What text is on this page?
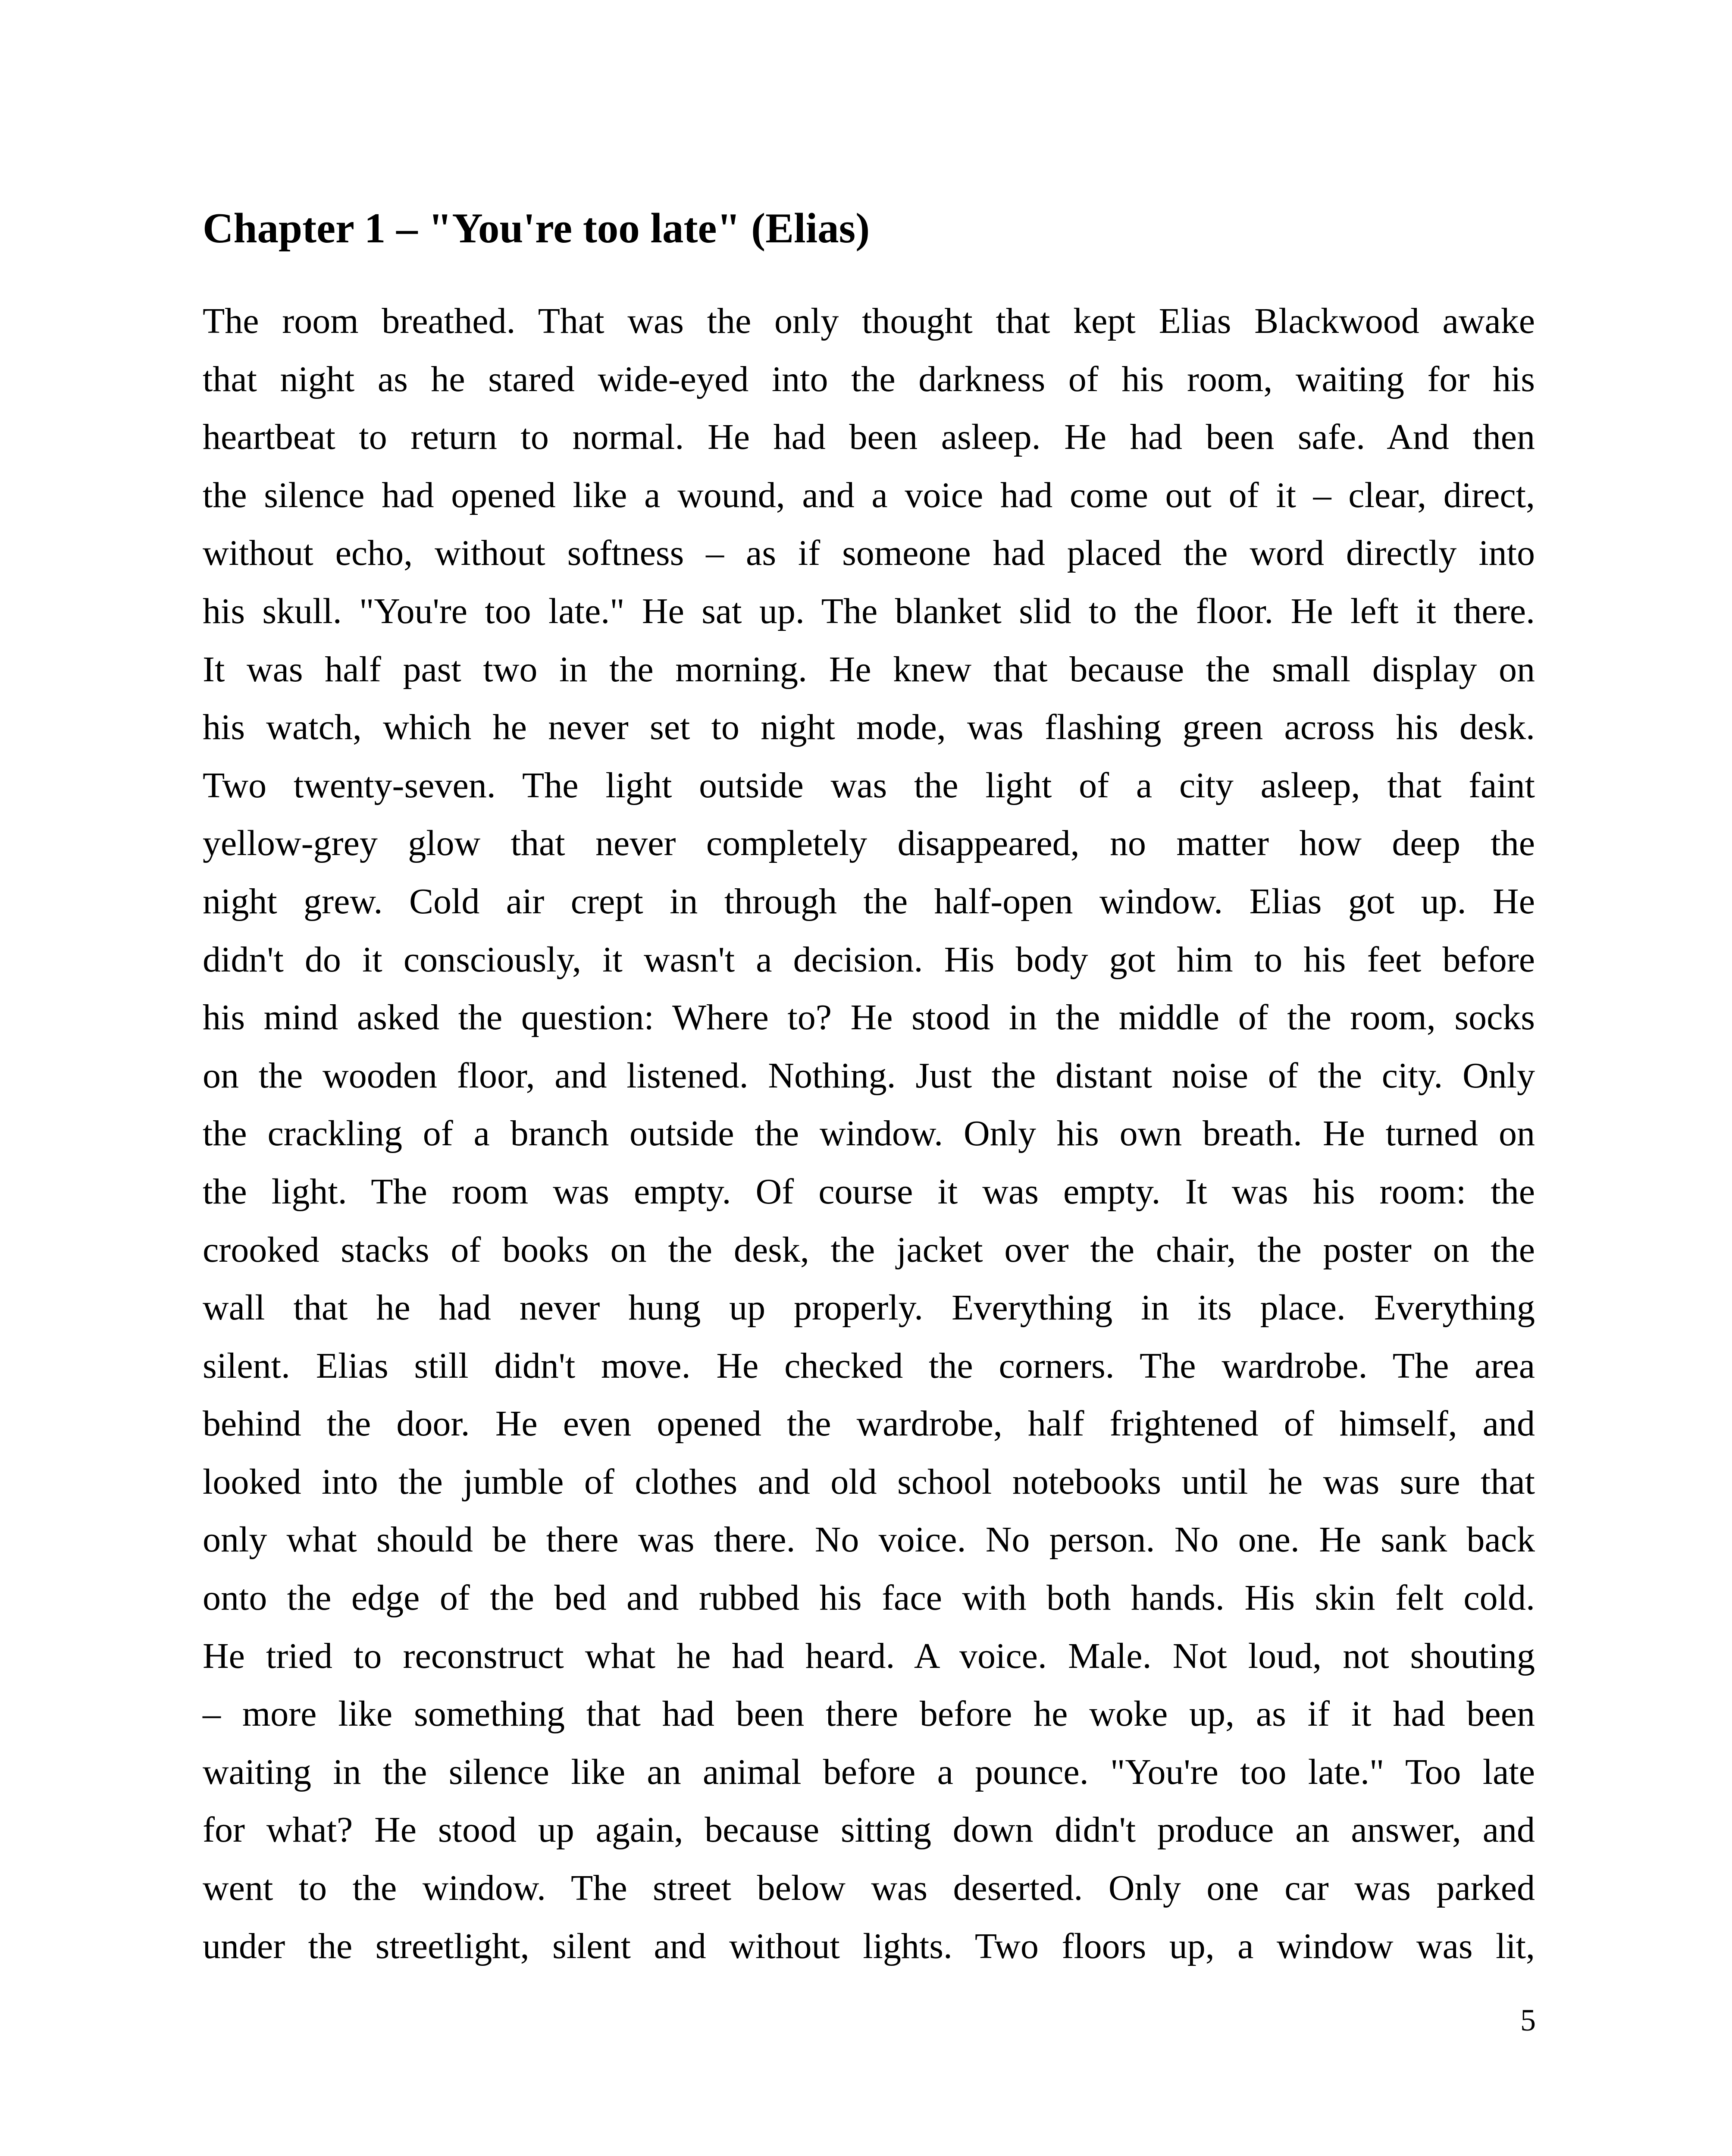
Chapter 1 – "You're too late" (Elias)
The room breathed. That was the only thought that kept Elias Blackwood awake
that night as he stared wide-eyed into the darkness of his room, waiting for his
heartbeat to return to normal. He had been asleep. He had been safe. And then
the silence had opened like a wound, and a voice had come out of it – clear, direct,
without echo, without softness – as if someone had placed the word directly into
his skull. "You're too late." He sat up. The blanket slid to the floor. He left it there.
It was half past two in the morning. He knew that because the small display on
his watch, which he never set to night mode, was flashing green across his desk.
Two twenty-seven. The light outside was the light of a city asleep, that faint
yellow-grey glow that never completely disappeared, no matter how deep the
night grew. Cold air crept in through the half-open window. Elias got up. He
didn't do it consciously, it wasn't a decision. His body got him to his feet before
his mind asked the question: Where to? He stood in the middle of the room, socks
on the wooden floor, and listened. Nothing. Just the distant noise of the city. Only
the crackling of a branch outside the window. Only his own breath. He turned on
the light. The room was empty. Of course it was empty. It was his room: the
crooked stacks of books on the desk, the jacket over the chair, the poster on the
wall that he had never hung up properly. Everything in its place. Everything
silent. Elias still didn't move. He checked the corners. The wardrobe. The area
behind the door. He even opened the wardrobe, half frightened of himself, and
looked into the jumble of clothes and old school notebooks until he was sure that
only what should be there was there. No voice. No person. No one. He sank back
onto the edge of the bed and rubbed his face with both hands. His skin felt cold.
He tried to reconstruct what he had heard. A voice. Male. Not loud, not shouting
– more like something that had been there before he woke up, as if it had been
waiting in the silence like an animal before a pounce. "You're too late." Too late
for what? He stood up again, because sitting down didn't produce an answer, and
went to the window. The street below was deserted. Only one car was parked
under the streetlight, silent and without lights. Two floors up, a window was lit,
5
